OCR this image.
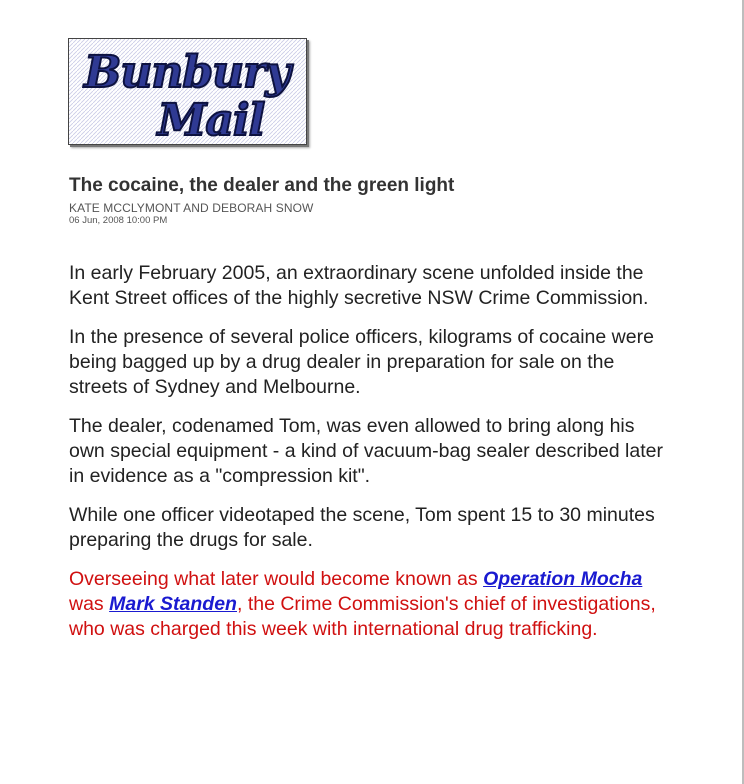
Bunbury
Mail
The cocaine, the dealer and the green light
KATE MCCLYMONT AND DEBORAH SNOW
06 Jun, 2008 10:00 PM

In early February 2005, an extraordinary scene unfolded inside the Kent Street offices of the highly secretive NSW Crime Commission.

In the presence of several police officers, kilograms of cocaine were being bagged up by a drug dealer in preparation for sale on the streets of Sydney and Melbourne.

The dealer, codenamed Tom, was even allowed to bring along his own special equipment - a kind of vacuum-bag sealer described later in evidence as a "compression kit".

While one officer videotaped the scene, Tom spent 15 to 30 minutes preparing the drugs for sale.

Overseeing what later would become known as Operation Mocha was Mark Standen, the Crime Commission's chief of investigations, who was charged this week with international drug trafficking.
